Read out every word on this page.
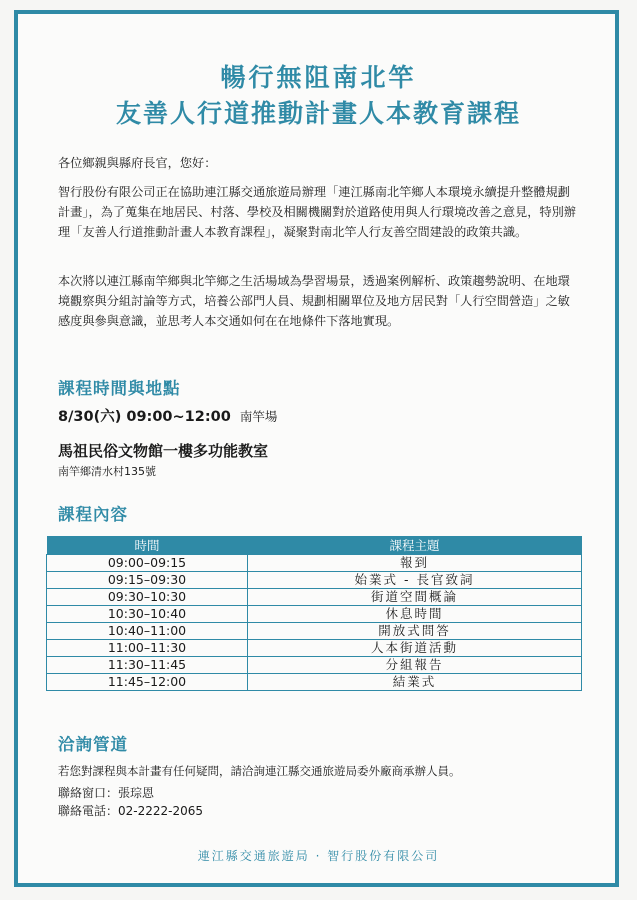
暢行無阻南北竿
友善人行道推動計畫人本教育課程
各位鄉親與縣府長官，您好：
智行股份有限公司正在協助連江縣交通旅遊局辦理「連江縣南北竿鄉人本環境永續提升整體規劃計畫」，為了蒐集在地居民、村落、學校及相關機關對於道路使用與人行環境改善之意見，特別辦理「友善人行道推動計畫人本教育課程」，凝聚對南北竿人行友善空間建設的政策共識。
本次將以連江縣南竿鄉與北竿鄉之生活場域為學習場景，透過案例解析、政策趨勢說明、在地環境觀察與分組討論等方式，培養公部門人員、規劃相關單位及地方居民對「人行空間營造」之敏感度與參與意識，並思考人本交通如何在在地條件下落地實現。
課程時間與地點
8/30(六) 09:00~12:00 南竿場
馬祖民俗文物館一樓多功能教室
南竿鄉清水村135號
課程內容
時間	課程主題
09:00–09:15	報到
09:15–09:30	始業式 - 長官致詞
09:30–10:30	街道空間概論
10:30–10:40	休息時間
10:40–11:00	開放式問答
11:00–11:30	人本街道活動
11:30–11:45	分組報告
11:45–12:00	結業式
洽詢管道
若您對課程與本計畫有任何疑問，請洽詢連江縣交通旅遊局委外廠商承辦人員。
聯絡窗口：張琮恩
聯絡電話：02-2222-2065
連江縣交通旅遊局 · 智行股份有限公司
